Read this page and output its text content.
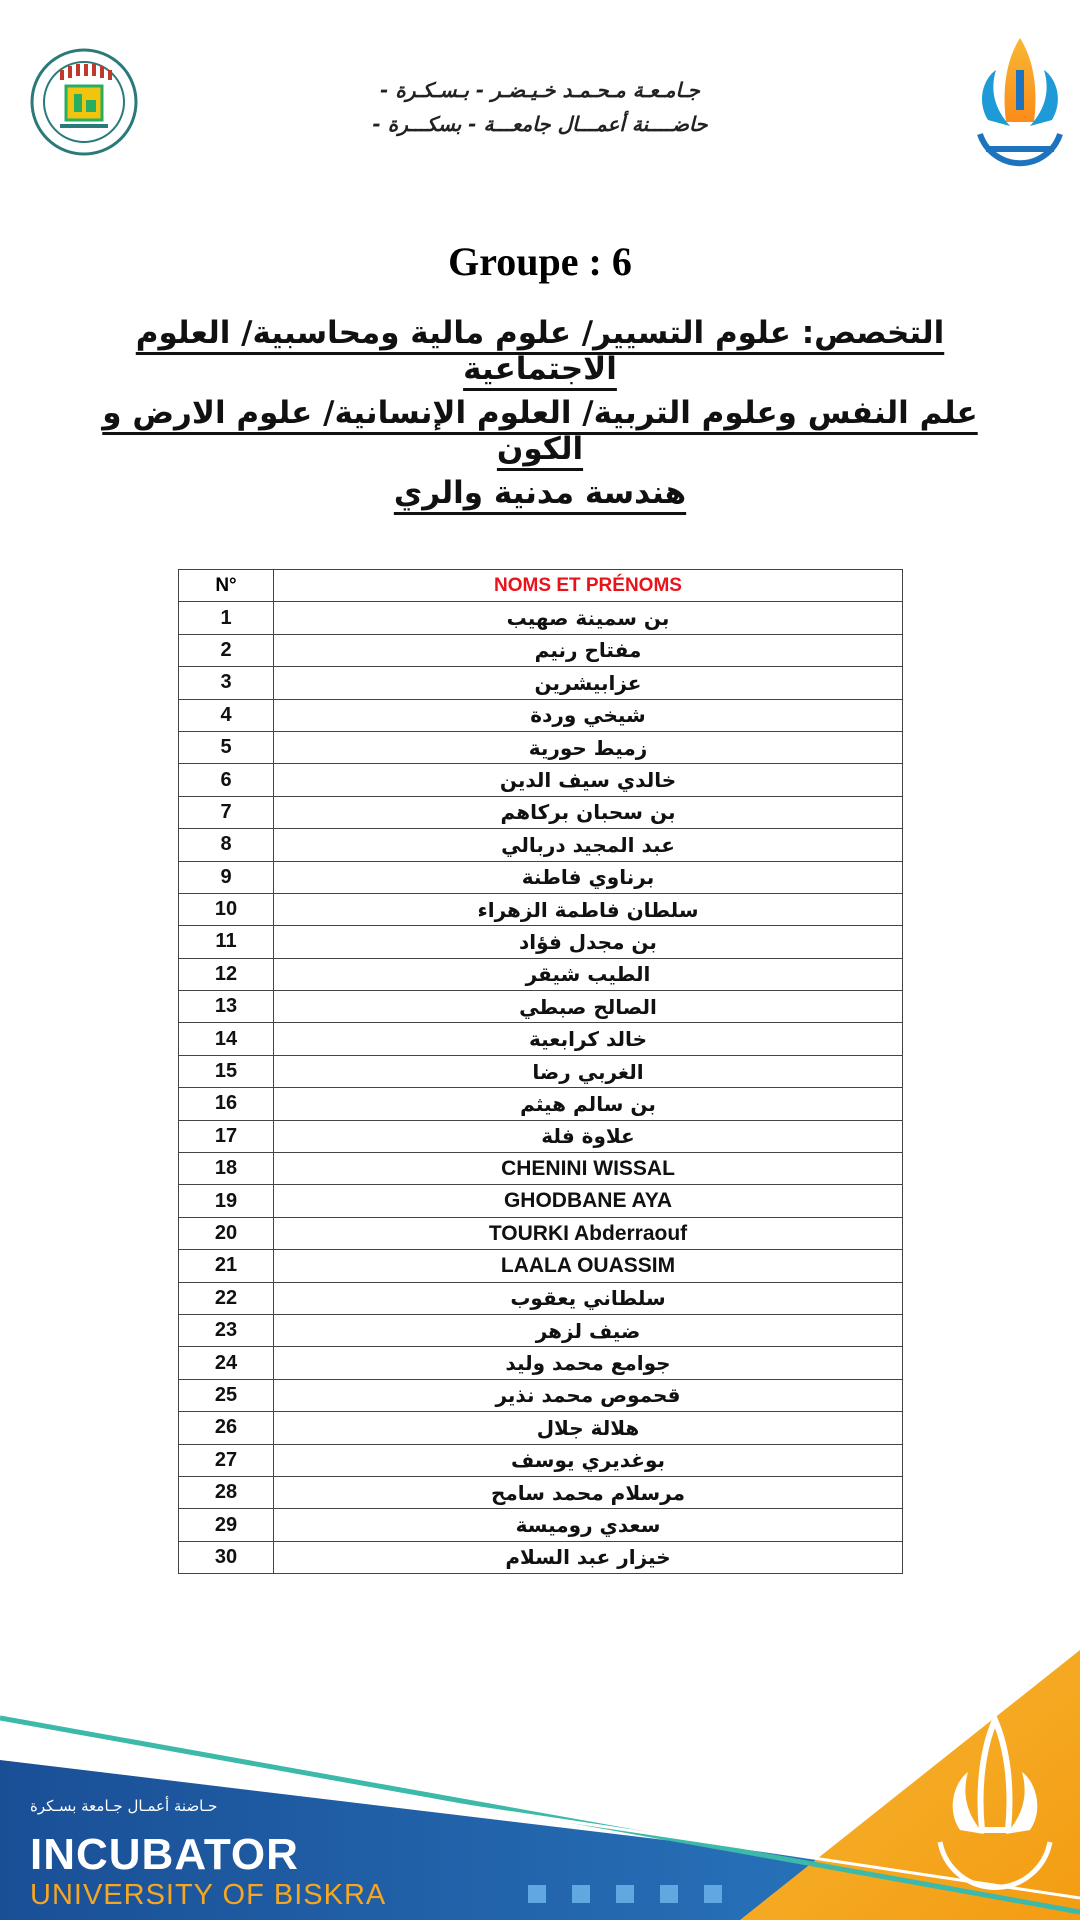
جـامـعـة مـحـمـد خـيـضـر - بـسـكـرة -
حاضــــنة أعمـــال جامعـــة - بسكـــرة -
Groupe : 6
التخصص: علوم التسيير/ علوم مالية ومحاسبية/ العلوم الاجتماعية
علم النفس وعلوم التربية/ العلوم الإنسانية/ علوم الارض و الكون
هندسة مدنية والري
N°	NOMS ET PRÉNOMS
1	بن سمينة صهيب
2	مفتاح رنيم
3	عزابيشرين
4	شيخي وردة
5	زميط حورية
6	خالدي سيف الدين
7	بن سحبان بركاهم
8	عبد المجيد دربالي
9	برناوي فاطنة
10	سلطان فاطمة الزهراء
11	بن مجدل فؤاد
12	الطيب شيقر
13	الصالح صبطي
14	خالد كرابعية
15	الغربي رضا
16	بن سالم هيثم
17	علاوة فلة
18	CHENINI WISSAL
19	GHODBANE AYA
20	TOURKI Abderraouf
21	LAALA OUASSIM
22	سلطاني يعقوب
23	ضيف لزهر
24	جوامع محمد وليد
25	قحموص محمد نذير
26	هلالة جلال
27	بوغديري يوسف
28	مرسلام محمد سامح
29	سعدي روميسة
30	خيزار عبد السلام
حـاضنة أعمـال جـامعة بسـكرة
INCUBATOR
UNIVERSITY OF BISKRA
